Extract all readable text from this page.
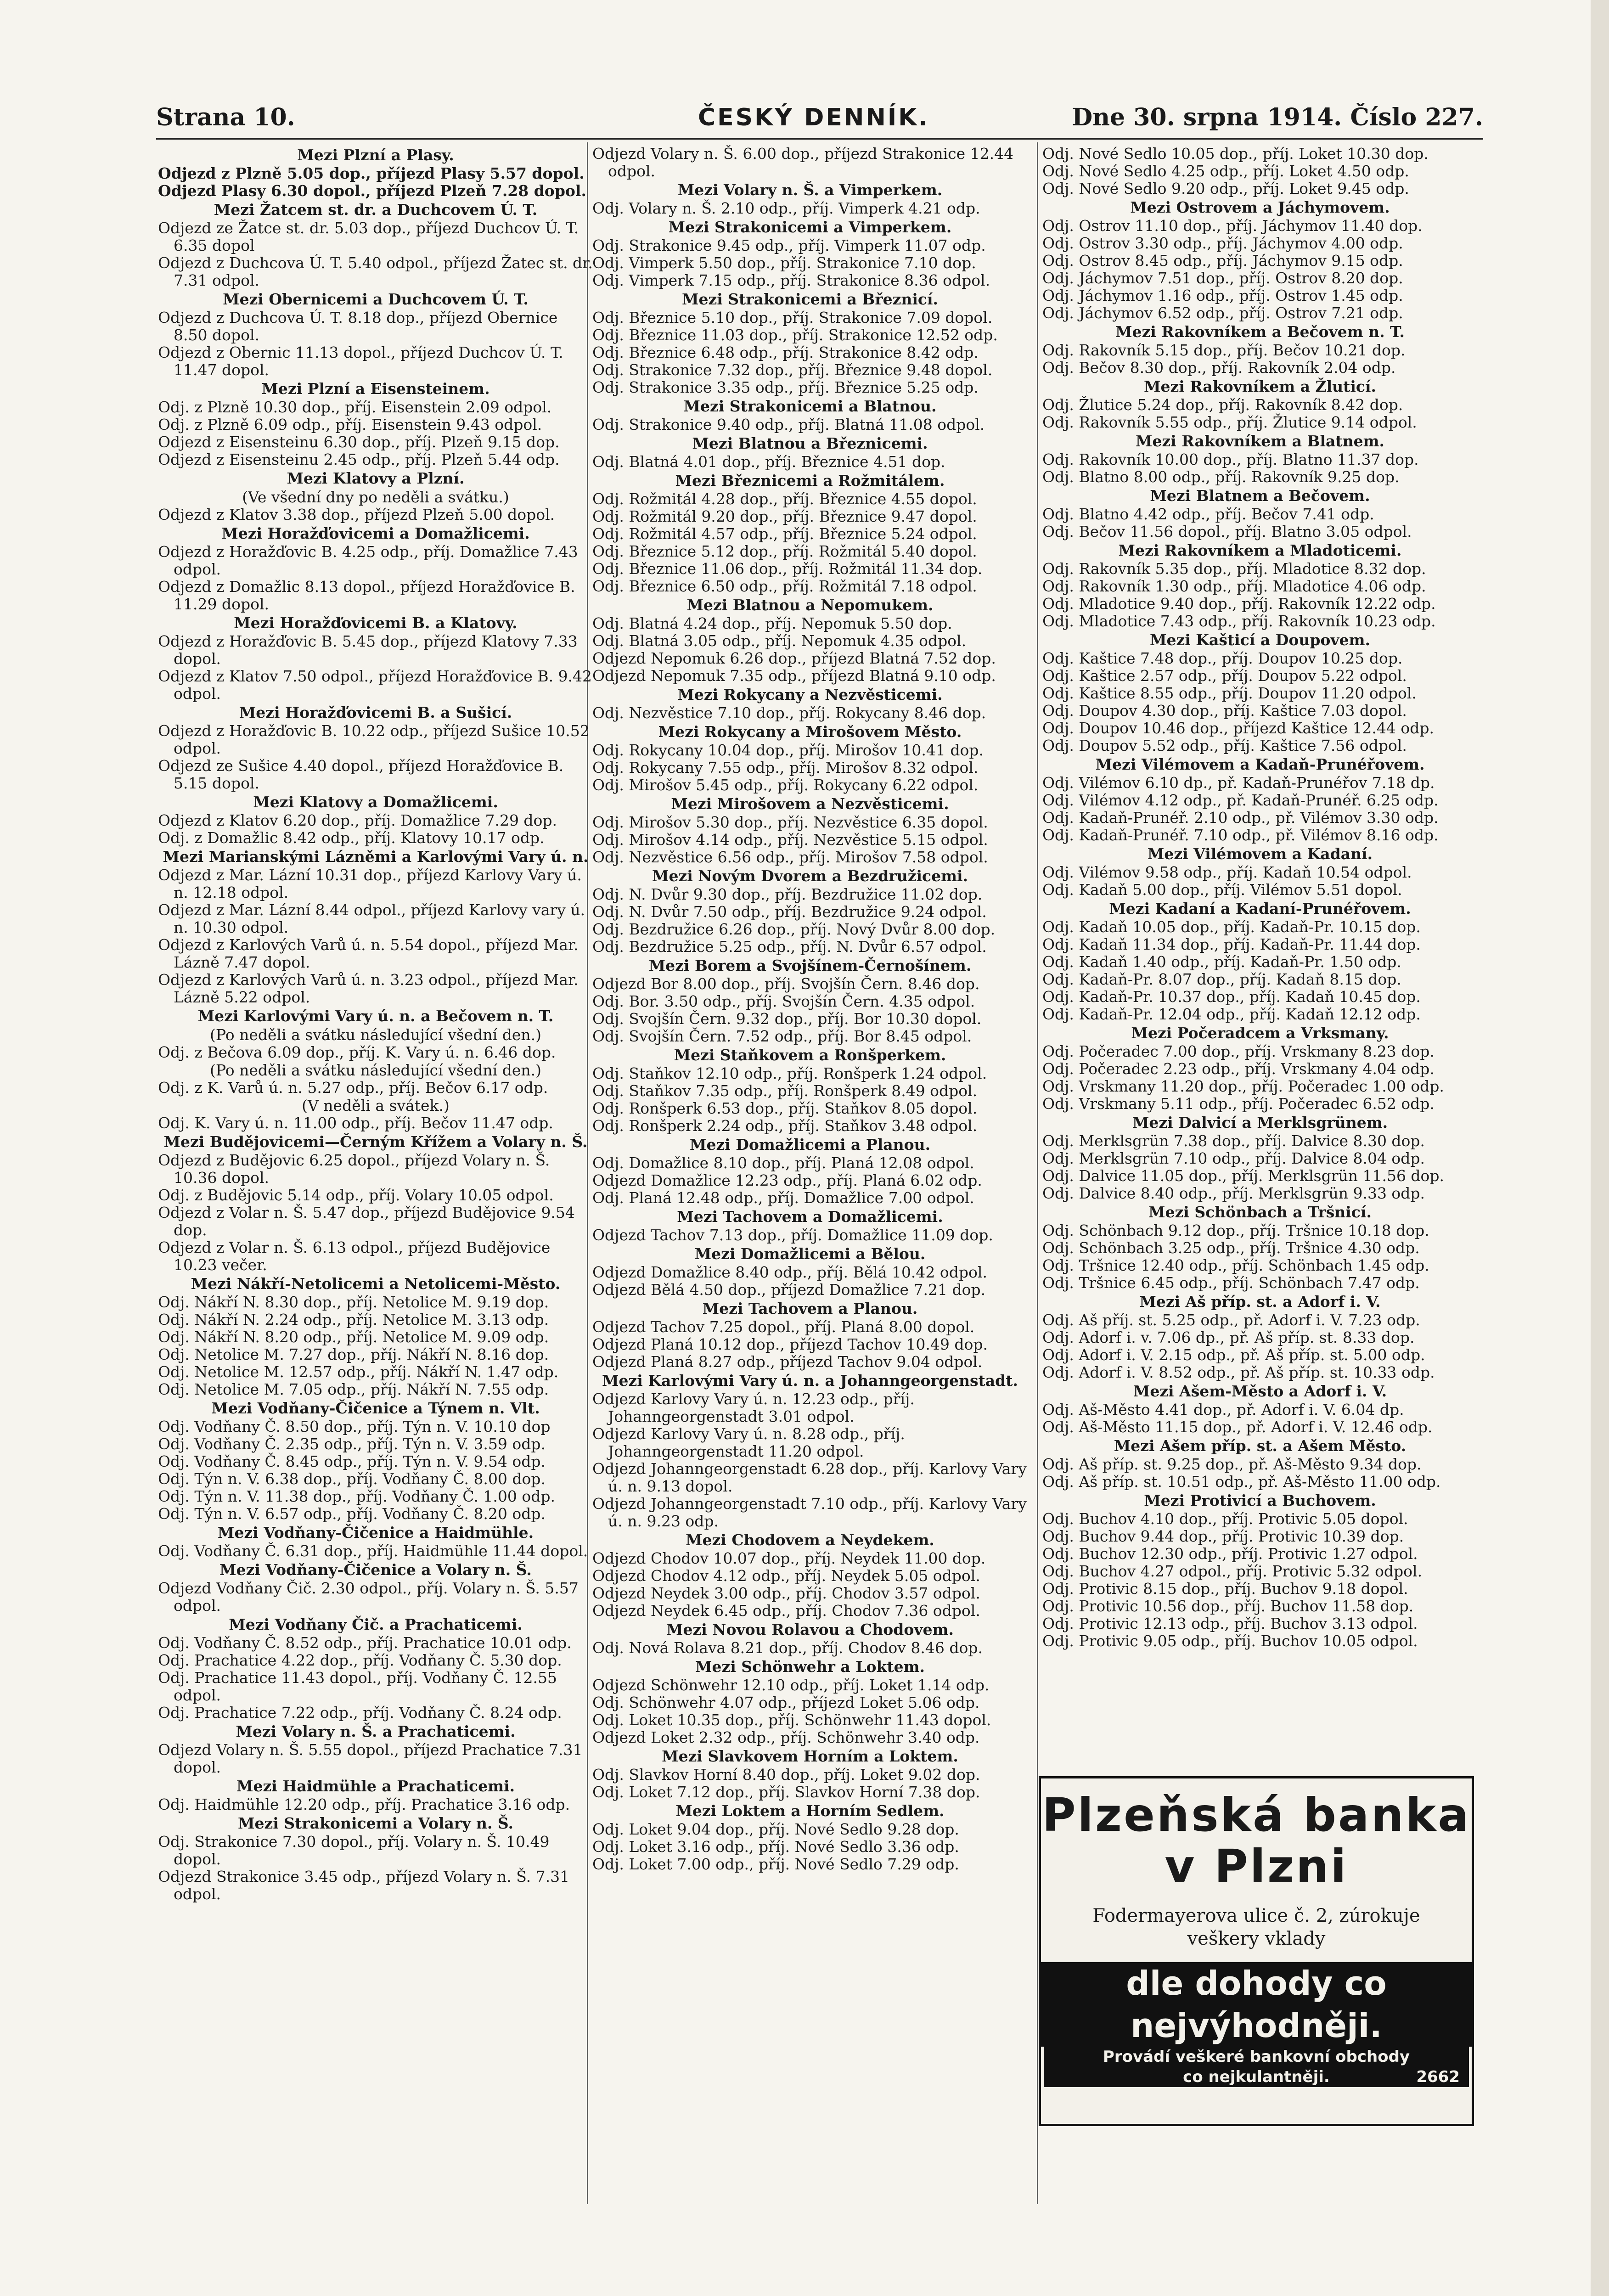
Strana 10.	ČESKÝ DENNÍK.	Dne 30. srpna 1914. Číslo 227.
Mezi Plzní a Plasy.
Odjezd z Plzně 5.05 dop., příjezd Plasy 5.57 dopol.
Odjezd Plasy 6.30 dopol., příjezd Plzeň 7.28 dopol.
Mezi Žatcem st. dr. a Duchcovem Ú. T.
Odjezd ze Žatce st. dr. 5.03 dop., příjezd Duchcov Ú. T. 6.35 dopol
Odjezd z Duchcova Ú. T. 5.40 odpol., příjezd Žatec st. dr. 7.31 odpol.
Mezi Obernicemi a Duchcovem Ú. T.
Odjezd z Duchcova Ú. T. 8.18 dop., příjezd Obernice 8.50 dopol.
Odjezd z Obernic 11.13 dopol., příjezd Duchcov Ú. T. 11.47 dopol.
Mezi Plzní a Eisensteinem.
Odj. z Plzně 10.30 dop., příj. Eisenstein 2.09 odpol.
Odj. z Plzně 6.09 odp., příj. Eisenstein 9.43 odpol.
Odjezd z Eisensteinu 6.30 dop., příj. Plzeň 9.15 dop.
Odjezd z Eisensteinu 2.45 odp., příj. Plzeň 5.44 odp.
Mezi Klatovy a Plzní.
(Ve všední dny po neděli a svátku.)
Odjezd z Klatov 3.38 dop., příjezd Plzeň 5.00 dopol.
Mezi Horažďovicemi a Domažlicemi.
Odjezd z Horažďovic B. 4.25 odp., příj. Domažlice 7.43 odpol.
Odjezd z Domažlic 8.13 dopol., příjezd Horažďovice B. 11.29 dopol.
Mezi Horažďovicemi B. a Klatovy.
Odjezd z Horažďovic B. 5.45 dop., příjezd Klatovy 7.33 dopol.
Odjezd z Klatov 7.50 odpol., příjezd Horažďovice B. 9.42 odpol.
Mezi Horažďovicemi B. a Sušicí.
Odjezd z Horažďovic B. 10.22 odp., příjezd Sušice 10.52 odpol.
Odjezd ze Sušice 4.40 dopol., příjezd Horažďovice B. 5.15 dopol.
Mezi Klatovy a Domažlicemi.
Odjezd z Klatov 6.20 dop., příj. Domažlice 7.29 dop.
Odj. z Domažlic 8.42 odp., příj. Klatovy 10.17 odp.
Mezi Marianskými Lázněmi a Karlovými Vary ú. n.
Odjezd z Mar. Lázní 10.31 dop., příjezd Karlovy Vary ú. n. 12.18 odpol.
Odjezd z Mar. Lázní 8.44 odpol., příjezd Karlovy vary ú. n. 10.30 odpol.
Odjezd z Karlových Varů ú. n. 5.54 dopol., příjezd Mar. Lázně 7.47 dopol.
Odjezd z Karlových Varů ú. n. 3.23 odpol., příjezd Mar. Lázně 5.22 odpol.
Mezi Karlovými Vary ú. n. a Bečovem n. T.
(Po neděli a svátku následující všední den.)
Odj. z Bečova 6.09 dop., příj. K. Vary ú. n. 6.46 dop.
(Po neděli a svátku následující všední den.)
Odj. z K. Varů ú. n. 5.27 odp., příj. Bečov 6.17 odp.
(V neděli a svátek.)
Odj. K. Vary ú. n. 11.00 odp., příj. Bečov 11.47 odp.
Mezi Budějovicemi—Černým Křížem a Volary n. Š.
Odjezd z Budějovic 6.25 dopol., příjezd Volary n. Š. 10.36 dopol.
Odj. z Budějovic 5.14 odp., příj. Volary 10.05 odpol.
Odjezd z Volar n. Š. 5.47 dop., příjezd Budějovice 9.54 dop.
Odjezd z Volar n. Š. 6.13 odpol., příjezd Budějovice 10.23 večer.
Mezi Nákří-Netolicemi a Netolicemi-Město.
Odj. Nákří N. 8.30 dop., příj. Netolice M. 9.19 dop.
Odj. Nákří N. 2.24 odp., příj. Netolice M. 3.13 odp.
Odj. Nákří N. 8.20 odp., příj. Netolice M. 9.09 odp.
Odj. Netolice M. 7.27 dop., příj. Nákří N. 8.16 dop.
Odj. Netolice M. 12.57 odp., příj. Nákří N. 1.47 odp.
Odj. Netolice M. 7.05 odp., příj. Nákří N. 7.55 odp.
Mezi Vodňany-Čičenice a Týnem n. Vlt.
Odj. Vodňany Č. 8.50 dop., příj. Týn n. V. 10.10 dop
Odj. Vodňany Č. 2.35 odp., příj. Týn n. V. 3.59 odp.
Odj. Vodňany Č. 8.45 odp., příj. Týn n. V. 9.54 odp.
Odj. Týn n. V. 6.38 dop., příj. Vodňany Č. 8.00 dop.
Odj. Týn n. V. 11.38 dop., příj. Vodňany Č. 1.00 odp.
Odj. Týn n. V. 6.57 odp., příj. Vodňany Č. 8.20 odp.
Mezi Vodňany-Čičenice a Haidmühle.
Odj. Vodňany Č. 6.31 dop., příj. Haidmühle 11.44 dopol.
Mezi Vodňany-Čičenice a Volary n. Š.
Odjezd Vodňany Čič. 2.30 odpol., příj. Volary n. Š. 5.57 odpol.
Mezi Vodňany Čič. a Prachaticemi.
Odj. Vodňany Č. 8.52 odp., příj. Prachatice 10.01 odp.
Odj. Prachatice 4.22 dop., příj. Vodňany Č. 5.30 dop.
Odj. Prachatice 11.43 dopol., příj. Vodňany Č. 12.55 odpol.
Odj. Prachatice 7.22 odp., příj. Vodňany Č. 8.24 odp.
Mezi Volary n. Š. a Prachaticemi.
Odjezd Volary n. Š. 5.55 dopol., příjezd Prachatice 7.31 dopol.
Mezi Haidmühle a Prachaticemi.
Odj. Haidmühle 12.20 odp., příj. Prachatice 3.16 odp.
Mezi Strakonicemi a Volary n. Š.
Odj. Strakonice 7.30 dopol., příj. Volary n. Š. 10.49 dopol.
Odjezd Strakonice 3.45 odp., příjezd Volary n. Š. 7.31 odpol.
Odjezd Volary n. Š. 6.00 dop., příjezd Strakonice 12.44 odpol.
Mezi Volary n. Š. a Vimperkem.
Odj. Volary n. Š. 2.10 odp., příj. Vimperk 4.21 odp.
Mezi Strakonicemi a Vimperkem.
Odj. Strakonice 9.45 odp., příj. Vimperk 11.07 odp.
Odj. Vimperk 5.50 dop., příj. Strakonice 7.10 dop.
Odj. Vimperk 7.15 odp., příj. Strakonice 8.36 odpol.
Mezi Strakonicemi a Březnicí.
Odj. Březnice 5.10 dop., příj. Strakonice 7.09 dopol.
Odj. Březnice 11.03 dop., příj. Strakonice 12.52 odp.
Odj. Březnice 6.48 odp., příj. Strakonice 8.42 odp.
Odj. Strakonice 7.32 dop., příj. Březnice 9.48 dopol.
Odj. Strakonice 3.35 odp., příj. Březnice 5.25 odp.
Mezi Strakonicemi a Blatnou.
Odj. Strakonice 9.40 odp., příj. Blatná 11.08 odpol.
Mezi Blatnou a Březnicemi.
Odj. Blatná 4.01 dop., příj. Březnice 4.51 dop.
Mezi Březnicemi a Rožmitálem.
Odj. Rožmitál 4.28 dop., příj. Březnice 4.55 dopol.
Odj. Rožmitál 9.20 dop., příj. Březnice 9.47 dopol.
Odj. Rožmitál 4.57 odp., příj. Březnice 5.24 odpol.
Odj. Březnice 5.12 dop., příj. Rožmitál 5.40 dopol.
Odj. Březnice 11.06 dop., příj. Rožmitál 11.34 dop.
Odj. Březnice 6.50 odp., příj. Rožmitál 7.18 odpol.
Mezi Blatnou a Nepomukem.
Odj. Blatná 4.24 dop., příj. Nepomuk 5.50 dop.
Odj. Blatná 3.05 odp., příj. Nepomuk 4.35 odpol.
Odjezd Nepomuk 6.26 dop., příjezd Blatná 7.52 dop.
Odjezd Nepomuk 7.35 odp., příjezd Blatná 9.10 odp.
Mezi Rokycany a Nezvěsticemi.
Odj. Nezvěstice 7.10 dop., příj. Rokycany 8.46 dop.
Mezi Rokycany a Mirošovem Město.
Odj. Rokycany 10.04 dop., příj. Mirošov 10.41 dop.
Odj. Rokycany 7.55 odp., příj. Mirošov 8.32 odpol.
Odj. Mirošov 5.45 odp., příj. Rokycany 6.22 odpol.
Mezi Mirošovem a Nezvěsticemi.
Odj. Mirošov 5.30 dop., příj. Nezvěstice 6.35 dopol.
Odj. Mirošov 4.14 odp., příj. Nezvěstice 5.15 odpol.
Odj. Nezvěstice 6.56 odp., příj. Mirošov 7.58 odpol.
Mezi Novým Dvorem a Bezdružicemi.
Odj. N. Dvůr 9.30 dop., příj. Bezdružice 11.02 dop.
Odj. N. Dvůr 7.50 odp., příj. Bezdružice 9.24 odpol.
Odj. Bezdružice 6.26 dop., příj. Nový Dvůr 8.00 dop.
Odj. Bezdružice 5.25 odp., příj. N. Dvůr 6.57 odpol.
Mezi Borem a Svojšínem-Černošínem.
Odjezd Bor 8.00 dop., příj. Svojšín Čern. 8.46 dop.
Odj. Bor. 3.50 odp., příj. Svojšín Čern. 4.35 odpol.
Odj. Svojšín Čern. 9.32 dop., příj. Bor 10.30 dopol.
Odj. Svojšín Čern. 7.52 odp., příj. Bor 8.45 odpol.
Mezi Staňkovem a Ronšperkem.
Odj. Staňkov 12.10 odp., příj. Ronšperk 1.24 odpol.
Odj. Staňkov 7.35 odp., příj. Ronšperk 8.49 odpol.
Odj. Ronšperk 6.53 dop., příj. Staňkov 8.05 dopol.
Odj. Ronšperk 2.24 odp., příj. Staňkov 3.48 odpol.
Mezi Domažlicemi a Planou.
Odj. Domažlice 8.10 dop., příj. Planá 12.08 odpol.
Odjezd Domažlice 12.23 odp., příj. Planá 6.02 odp.
Odj. Planá 12.48 odp., příj. Domažlice 7.00 odpol.
Mezi Tachovem a Domažlicemi.
Odjezd Tachov 7.13 dop., příj. Domažlice 11.09 dop.
Mezi Domažlicemi a Bělou.
Odjezd Domažlice 8.40 odp., příj. Bělá 10.42 odpol.
Odjezd Bělá 4.50 dop., příjezd Domažlice 7.21 dop.
Mezi Tachovem a Planou.
Odjezd Tachov 7.25 dopol., příj. Planá 8.00 dopol.
Odjezd Planá 10.12 dop., příjezd Tachov 10.49 dop.
Odjezd Planá 8.27 odp., příjezd Tachov 9.04 odpol.
Mezi Karlovými Vary ú. n. a Johanngeorgenstadt.
Odjezd Karlovy Vary ú. n. 12.23 odp., příj. Johanngeorgenstadt 3.01 odpol.
Odjezd Karlovy Vary ú. n. 8.28 odp., příj. Johanngeorgenstadt 11.20 odpol.
Odjezd Johanngeorgenstadt 6.28 dop., příj. Karlovy Vary ú. n. 9.13 dopol.
Odjezd Johanngeorgenstadt 7.10 odp., příj. Karlovy Vary ú. n. 9.23 odp.
Mezi Chodovem a Neydekem.
Odjezd Chodov 10.07 dop., příj. Neydek 11.00 dop.
Odjezd Chodov 4.12 odp., příj. Neydek 5.05 odpol.
Odjezd Neydek 3.00 odp., příj. Chodov 3.57 odpol.
Odjezd Neydek 6.45 odp., příj. Chodov 7.36 odpol.
Mezi Novou Rolavou a Chodovem.
Odj. Nová Rolava 8.21 dop., příj. Chodov 8.46 dop.
Mezi Schönwehr a Loktem.
Odjezd Schönwehr 12.10 odp., příj. Loket 1.14 odp.
Odj. Schönwehr 4.07 odp., příjezd Loket 5.06 odp.
Odj. Loket 10.35 dop., příj. Schönwehr 11.43 dopol.
Odjezd Loket 2.32 odp., příj. Schönwehr 3.40 odp.
Mezi Slavkovem Horním a Loktem.
Odj. Slavkov Horní 8.40 dop., příj. Loket 9.02 dop.
Odj. Loket 7.12 dop., příj. Slavkov Horní 7.38 dop.
Mezi Loktem a Horním Sedlem.
Odj. Loket 9.04 dop., příj. Nové Sedlo 9.28 dop.
Odj. Loket 3.16 odp., příj. Nové Sedlo 3.36 odp.
Odj. Loket 7.00 odp., příj. Nové Sedlo 7.29 odp.
Odj. Nové Sedlo 10.05 dop., příj. Loket 10.30 dop.
Odj. Nové Sedlo 4.25 odp., příj. Loket 4.50 odp.
Odj. Nové Sedlo 9.20 odp., příj. Loket 9.45 odp.
Mezi Ostrovem a Jáchymovem.
Odj. Ostrov 11.10 dop., příj. Jáchymov 11.40 dop.
Odj. Ostrov 3.30 odp., příj. Jáchymov 4.00 odp.
Odj. Ostrov 8.45 odp., příj. Jáchymov 9.15 odp.
Odj. Jáchymov 7.51 dop., příj. Ostrov 8.20 dop.
Odj. Jáchymov 1.16 odp., příj. Ostrov 1.45 odp.
Odj. Jáchymov 6.52 odp., příj. Ostrov 7.21 odp.
Mezi Rakovníkem a Bečovem n. T.
Odj. Rakovník 5.15 dop., příj. Bečov 10.21 dop.
Odj. Bečov 8.30 dop., příj. Rakovník 2.04 odp.
Mezi Rakovníkem a Žluticí.
Odj. Žlutice 5.24 dop., příj. Rakovník 8.42 dop.
Odj. Rakovník 5.55 odp., příj. Žlutice 9.14 odpol.
Mezi Rakovníkem a Blatnem.
Odj. Rakovník 10.00 dop., příj. Blatno 11.37 dop.
Odj. Blatno 8.00 odp., příj. Rakovník 9.25 dop.
Mezi Blatnem a Bečovem.
Odj. Blatno 4.42 odp., příj. Bečov 7.41 odp.
Odj. Bečov 11.56 dopol., příj. Blatno 3.05 odpol.
Mezi Rakovníkem a Mladoticemi.
Odj. Rakovník 5.35 dop., příj. Mladotice 8.32 dop.
Odj. Rakovník 1.30 odp., příj. Mladotice 4.06 odp.
Odj. Mladotice 9.40 dop., příj. Rakovník 12.22 odp.
Odj. Mladotice 7.43 odp., příj. Rakovník 10.23 odp.
Mezi Kašticí a Doupovem.
Odj. Kaštice 7.48 dop., příj. Doupov 10.25 dop.
Odj. Kaštice 2.57 odp., příj. Doupov 5.22 odpol.
Odj. Kaštice 8.55 odp., příj. Doupov 11.20 odpol.
Odj. Doupov 4.30 dop., příj. Kaštice 7.03 dopol.
Odj. Doupov 10.46 dop., příjezd Kaštice 12.44 odp.
Odj. Doupov 5.52 odp., příj. Kaštice 7.56 odpol.
Mezi Vilémovem a Kadaň-Prunéřovem.
Odj. Vilémov 6.10 dp., př. Kadaň-Prunéřov 7.18 dp.
Odj. Vilémov 4.12 odp., př. Kadaň-Prunéř. 6.25 odp.
Odj. Kadaň-Prunéř. 2.10 odp., př. Vilémov 3.30 odp.
Odj. Kadaň-Prunéř. 7.10 odp., př. Vilémov 8.16 odp.
Mezi Vilémovem a Kadaní.
Odj. Vilémov 9.58 odp., příj. Kadaň 10.54 odpol.
Odj. Kadaň 5.00 dop., příj. Vilémov 5.51 dopol.
Mezi Kadaní a Kadaní-Prunéřovem.
Odj. Kadaň 10.05 dop., příj. Kadaň-Pr. 10.15 dop.
Odj. Kadaň 11.34 dop., příj. Kadaň-Pr. 11.44 dop.
Odj. Kadaň 1.40 odp., příj. Kadaň-Pr. 1.50 odp.
Odj. Kadaň-Pr. 8.07 dop., příj. Kadaň 8.15 dop.
Odj. Kadaň-Pr. 10.37 dop., příj. Kadaň 10.45 dop.
Odj. Kadaň-Pr. 12.04 odp., příj. Kadaň 12.12 odp.
Mezi Počeradcem a Vrksmany.
Odj. Počeradec 7.00 dop., příj. Vrskmany 8.23 dop.
Odj. Počeradec 2.23 odp., příj. Vrskmany 4.04 odp.
Odj. Vrskmany 11.20 dop., příj. Počeradec 1.00 odp.
Odj. Vrskmany 5.11 odp., příj. Počeradec 6.52 odp.
Mezi Dalvicí a Merklsgrünem.
Odj. Merklsgrün 7.38 dop., příj. Dalvice 8.30 dop.
Odj. Merklsgrün 7.10 odp., příj. Dalvice 8.04 odp.
Odj. Dalvice 11.05 dop., příj. Merklsgrün 11.56 dop.
Odj. Dalvice 8.40 odp., příj. Merklsgrün 9.33 odp.
Mezi Schönbach a Tršnicí.
Odj. Schönbach 9.12 dop., příj. Tršnice 10.18 dop.
Odj. Schönbach 3.25 odp., příj. Tršnice 4.30 odp.
Odj. Tršnice 12.40 odp., příj. Schönbach 1.45 odp.
Odj. Tršnice 6.45 odp., příj. Schönbach 7.47 odp.
Mezi Aš příp. st. a Adorf i. V.
Odj. Aš příj. st. 5.25 odp., př. Adorf i. V. 7.23 odp.
Odj. Adorf i. v. 7.06 dp., př. Aš příp. st. 8.33 dop.
Odj. Adorf i. V. 2.15 odp., př. Aš příp. st. 5.00 odp.
Odj. Adorf i. V. 8.52 odp., př. Aš příp. st. 10.33 odp.
Mezi Ašem-Město a Adorf i. V.
Odj. Aš-Město 4.41 dop., př. Adorf i. V. 6.04 dp.
Odj. Aš-Město 11.15 dop., př. Adorf i. V. 12.46 odp.
Mezi Ašem příp. st. a Ašem Město.
Odj. Aš příp. st. 9.25 dop., př. Aš-Město 9.34 dop.
Odj. Aš příp. st. 10.51 odp., př. Aš-Město 11.00 odp.
Mezi Protivicí a Buchovem.
Odj. Buchov 4.10 dop., příj. Protivic 5.05 dopol.
Odj. Buchov 9.44 dop., příj. Protivic 10.39 dop.
Odj. Buchov 12.30 odp., příj. Protivic 1.27 odpol.
Odj. Buchov 4.27 odpol., příj. Protivic 5.32 odpol.
Odj. Protivic 8.15 dop., příj. Buchov 9.18 dopol.
Odj. Protivic 10.56 dop., příj. Buchov 11.58 dop.
Odj. Protivic 12.13 odp., příj. Buchov 3.13 odpol.
Odj. Protivic 9.05 odp., příj. Buchov 10.05 odpol.
Plzeňská banka
v Plzni
Fodermayerova ulice č. 2, zúrokuje
veškery vklady
dle dohody co nejvýhodněji.
Provádí veškeré bankovní obchody
co nejkulantněji.	2662
